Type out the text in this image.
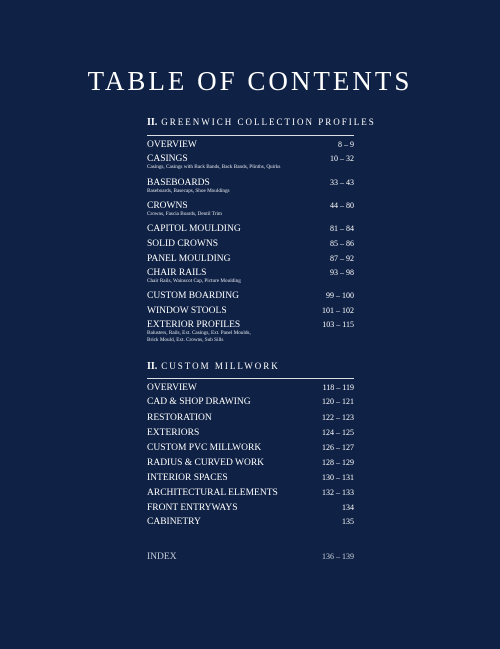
TABLE OF CONTENTS
II. GREENWICH COLLECTION PROFILES
OVERVIEW	8 – 9
CASINGS	10 – 32
Casings, Casings with Back Bands, Back Bands, Plinths, Quirks
BASEBOARDS	33 – 43
Baseboards, Basecaps, Shoe Mouldings
CROWNS	44 – 80
Crowns, Fascia Boards, Dentil Trim
CAPITOL MOULDING	81 – 84
SOLID CROWNS	85 – 86
PANEL MOULDING	87 – 92
CHAIR RAILS	93 – 98
Chair Rails, Wainscot Cap, Picture Moulding
CUSTOM BOARDING	99 – 100
WINDOW STOOLS	101 – 102
EXTERIOR PROFILES	103 – 115
Balusters, Rails, Ext. Casings, Ext. Panel Moulds,
Brick Mould, Ext. Crowns, Sub Sills
II. CUSTOM MILLWORK
OVERVIEW	118 – 119
CAD & SHOP DRAWING	120 – 121
RESTORATION	122 – 123
EXTERIORS	124 – 125
CUSTOM PVC MILLWORK	126 – 127
RADIUS & CURVED WORK	128 – 129
INTERIOR SPACES	130 – 131
ARCHITECTURAL ELEMENTS	132 – 133
FRONT ENTRYWAYS	134
CABINETRY	135
INDEX	136 – 139
